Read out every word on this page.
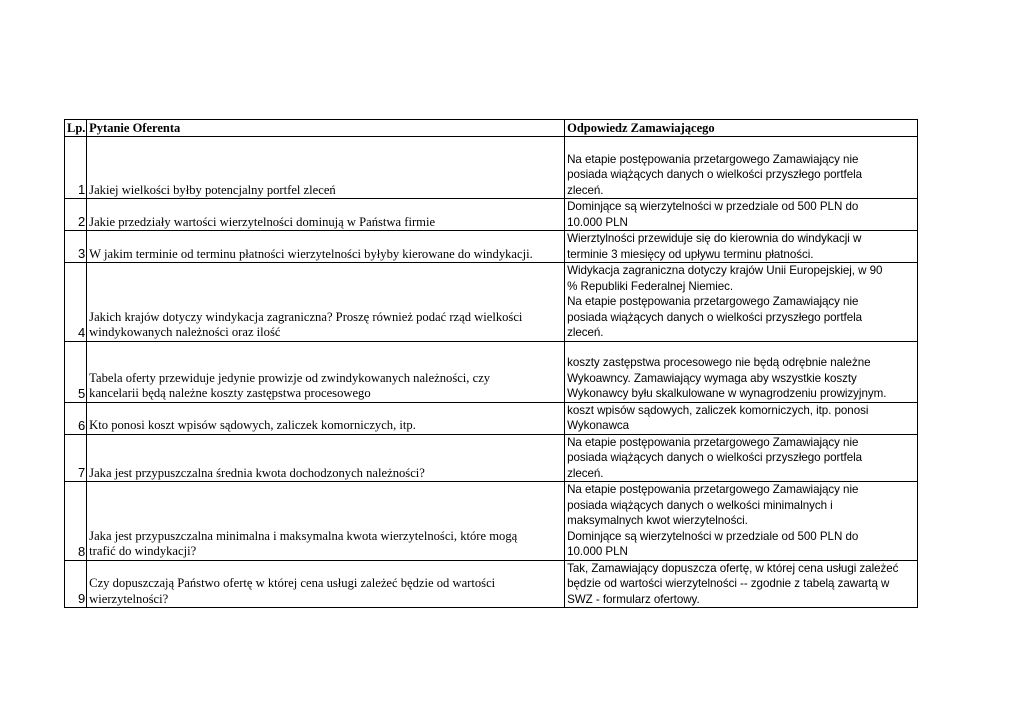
Lp.	Pytanie Oferenta	Odpowiedz Zamawiającego
1	Jakiej wielkości byłby potencjalny portfel zleceń	Na etapie postępowania przetargowego Zamawiający nie
posiada wiążących danych o wielkości przyszłego portfela
zleceń.
2	Jakie przedziały wartości wierzytelności dominują w Państwa firmie	Dominjące są wierzytelności w przedziale od 500 PLN do
10.000 PLN
3	W jakim terminie od terminu płatności wierzytelności byłyby kierowane do windykacji.	Wierztylności przewiduje się do kierownia do windykacji w
terminie 3 miesięcy od upływu terminu płatności.
4	Jakich krajów dotyczy windykacja zagraniczna? Proszę również podać rząd wielkości
windykowanych należności oraz ilość	Widykacja zagraniczna dotyczy krajów Unii Europejskiej, w 90
% Republiki Federalnej Niemiec.
Na etapie postępowania przetargowego Zamawiający nie
posiada wiążących danych o wielkości przyszłego portfela
zleceń.
5	Tabela oferty przewiduje jedynie prowizje od zwindykowanych należności, czy
kancelarii będą należne koszty zastępstwa procesowego	koszty zastępstwa procesowego nie będą odrębnie należne
Wykoawncy. Zamawiający wymaga aby wszystkie koszty
Wykonawcy byłu skalkulowane w wynagrodzeniu prowizyjnym.
6	Kto ponosi koszt wpisów sądowych, zaliczek komorniczych, itp.	koszt wpisów sądowych, zaliczek komorniczych, itp. ponosi
Wykonawca
7	Jaka jest przypuszczalna średnia kwota dochodzonych należności?	Na etapie postępowania przetargowego Zamawiający nie
posiada wiążących danych o wielkości przyszłego portfela
zleceń.
8	Jaka jest przypuszczalna minimalna i maksymalna kwota wierzytelności, które mogą
trafić do windykacji?	Na etapie postępowania przetargowego Zamawiający nie
posiada wiążących danych o welkości minimalnych i
maksymalnych kwot wierzytelności.
Dominjące są wierzytelności w przedziale od 500 PLN do
10.000 PLN
9	Czy dopuszczają Państwo ofertę w której cena usługi zależeć będzie od wartości
wierzytelności?	Tak, Zamawiający dopuszcza ofertę, w której cena usługi zależeć
będzie od wartości wierzytelności -- zgodnie z tabelą zawartą w
SWZ - formularz ofertowy.
